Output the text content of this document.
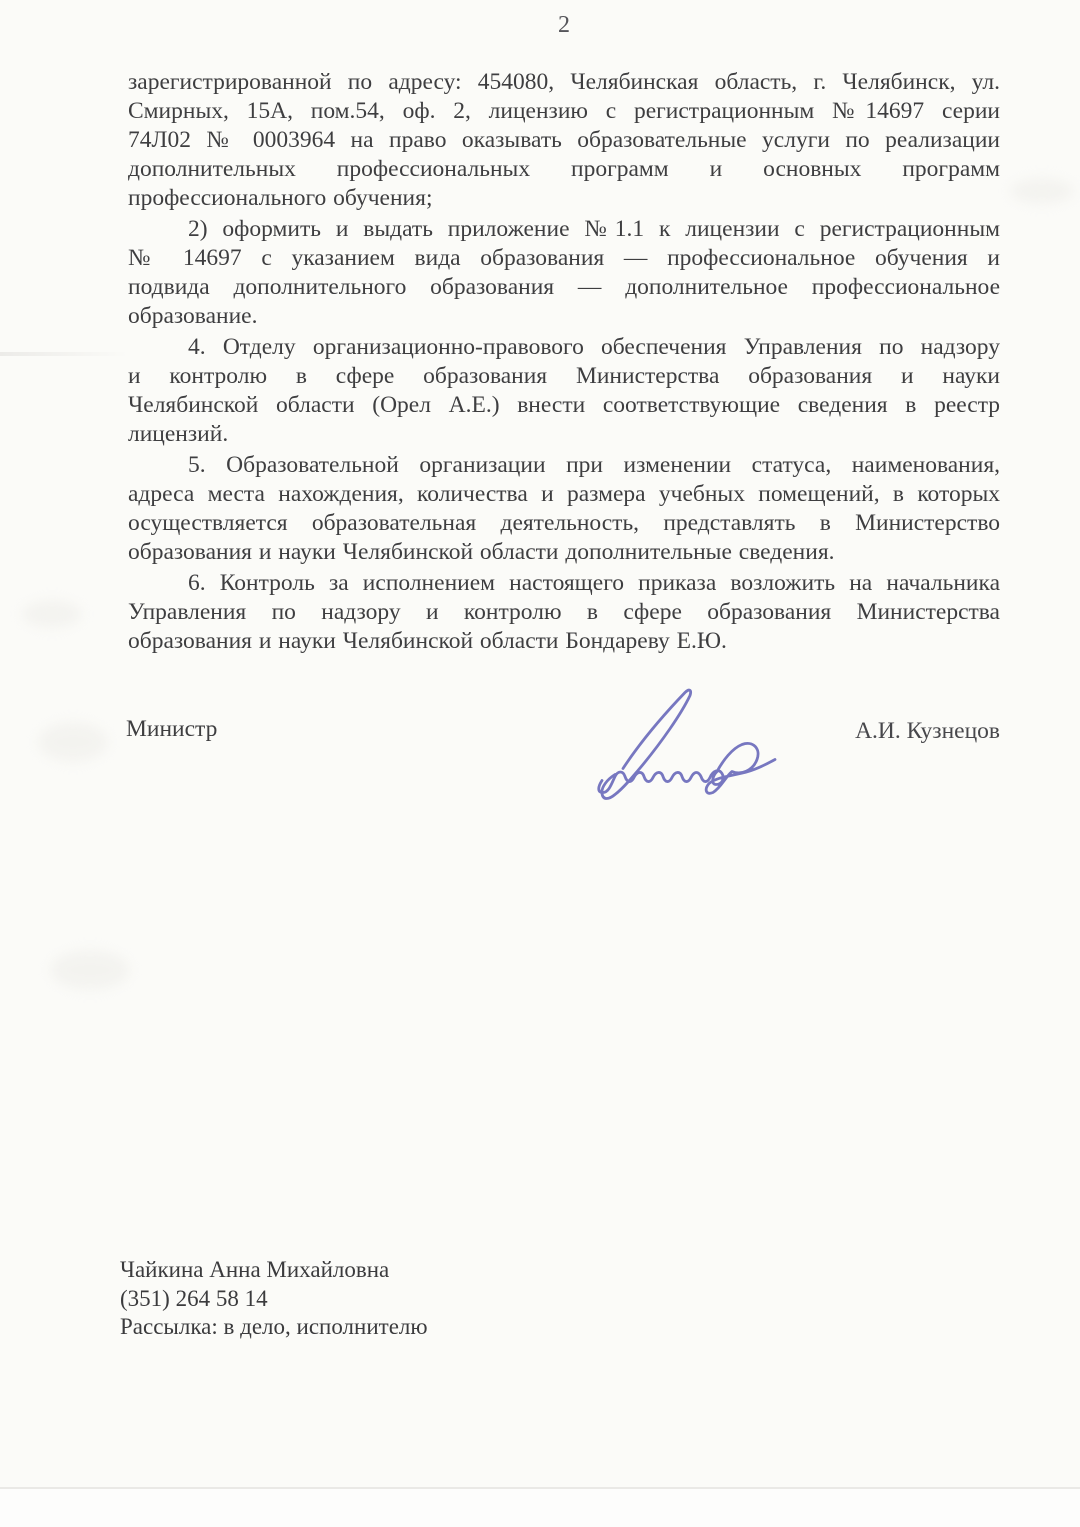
2
зарегистрированной по адресу: 454080, Челябинская область, г. Челябинск, ул.
Смирных, 15А, пом.54, оф. 2, лицензию с регистрационным №14697 серии
74Л02 № 0003964 на право оказывать образовательные услуги по реализации
дополнительных профессиональных программ и основных программ
профессионального обучения;
2) оформить и выдать приложение №1.1 к лицензии с регистрационным
№ 14697 с указанием вида образования — профессиональное обучения и
подвида дополнительного образования — дополнительное профессиональное
образование.
4. Отделу организационно-правового обеспечения Управления по надзору
и контролю в сфере образования Министерства образования и науки
Челябинской области (Орел А.Е.) внести соответствующие сведения в реестр
лицензий.
5. Образовательной организации при изменении статуса, наименования,
адреса места нахождения, количества и размера учебных помещений, в которых
осуществляется образовательная деятельность, представлять в Министерство
образования и науки Челябинской области дополнительные сведения.
6. Контроль за исполнением настоящего приказа возложить на начальника
Управления по надзору и контролю в сфере образования Министерства
образования и науки Челябинской области Бондареву Е.Ю.
Министр	А.И. Кузнецов
Чайкина Анна Михайловна
(351) 264 58 14
Рассылка: в дело, исполнителю
